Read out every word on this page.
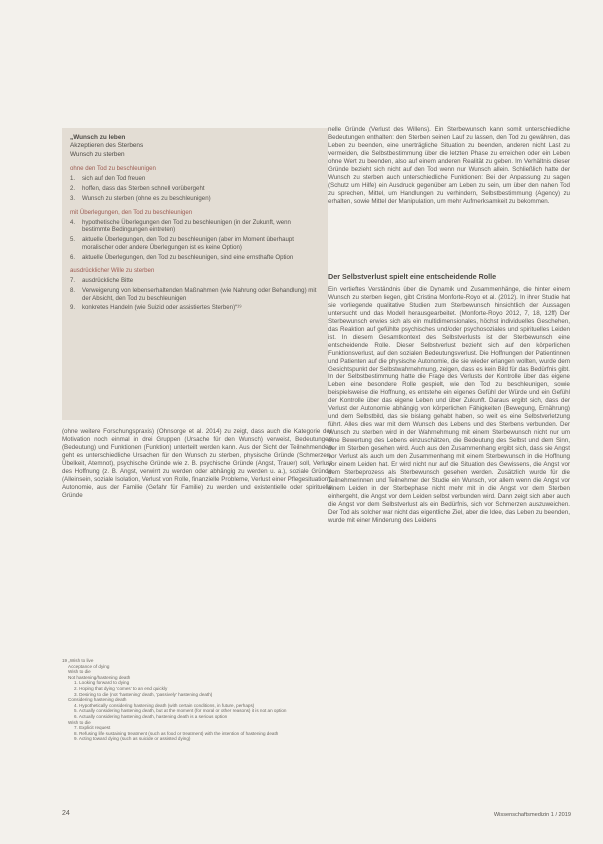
„Wunsch zu leben
Akzeptieren des Sterbens
Wunsch zu sterben
ohne den Tod zu beschleunigen
1. sich auf den Tod freuen
2. hoffen, dass das Sterben schnell vorübergeht
3. Wunsch zu sterben (ohne es zu beschleunigen)
mit Überlegungen, den Tod zu beschleunigen
4. hypothetische Überlegungen den Tod zu beschleunigen (in der Zukunft, wenn bestimmte Bedingungen eintreten)
5. aktuelle Überlegungen, den Tod zu beschleunigen (aber im Moment überhaupt moralischer oder andere Überlegungen ist es keine Option)
6. aktuelle Überlegungen, den Tod zu beschleunigen, sind eine ernsthafte Option
ausdrücklicher Wille zu sterben
7. ausdrückliche Bitte
8. Verweigerung von lebenserhaltenden Maßnahmen (wie Nahrung oder Behandlung) mit der Absicht, den Tod zu beschleunigen
9. konkretes Handeln (wie Suizid oder assistiertes Sterben)“¹⁹

(ohne weitere Forschungspraxis) (Ohnsorge et al. 2014) zu zeigt, dass auch die Kategorie der Motivation noch einmal in drei Gruppen (Ursache für den Wunsch) verweist, Bedeutungen (Bedeutung) und Funktionen (Funktion) unterteilt werden kann. Aus der Sicht der Teilnehmenden geht es unterschiedliche Ursachen für den Wunsch zu sterben, physische Gründe (Schmerzen, Übelkeit, Atemnot), psychische Gründe wie z. B. psychische Gründe (Angst, Trauer) soll, Verlust des Hoffnung (z. B. Angst, verwirrt zu werden oder abhängig zu werden u. a.), soziale Gründe (Alleinsein, soziale Isolation, Verlust von Rolle, finanzielle Probleme, Verlust einer Pflegesituation), Autonomie, aus der Familie (Gefahr für Familie) zu werden und existentielle oder spirituelle Gründe

nelle Gründe (Verlust des Willens). Ein Sterbewunsch kann somit unterschiedliche Bedeutungen enthalten: den Sterben seinen Lauf zu lassen, den Tod zu gewähren, das Leben zu beenden, eine unerträgliche Situation zu beenden, anderen nicht Last zu vermeiden, die Selbstbestimmung über die letzten Phase zu erreichen oder ein Leben ohne Wert zu beenden, also auf einem anderen Realität zu geben. Im Verhältnis dieser Gründe bezieht sich nicht auf den Tod wenn nur Wunsch allein. Schließlich hatte der Wunsch zu sterben auch unterschiedliche Funktionen: Bei der Anpassung zu sagen (Schutz um Hilfe) ein Ausdruck gegenüber am Leben zu sein, um über den nahen Tod zu sprechen, Mittel, um Handlungen zu verhindern, Selbstbestimmung (Agency) zu erhalten, sowie Mittel der Manipulation, um mehr Aufmerksamkeit zu bekommen.

Der Selbstverlust spielt eine entscheidende Rolle

Ein vertieftes Verständnis über die Dynamik und Zusammenhänge, die hinter einem Wunsch zu sterben liegen, gibt Cristina Monforte-Royo et al. (2012). In ihrer Studie hat sie vorliegende qualitative Studien zum Sterbewunsch hinsichtlich der Aussagen untersucht und das Modell herausgearbeitet. (Monforte-Royo 2012, 7, 18, 12ff) Der Sterbewunsch erwies sich als ein multidimensionales, höchst individuelles Geschehen, das Reaktion auf gefühlte psychisches und/oder psychosoziales und spirituelles Leiden ist. In diesem Gesamtkontext des Selbstverlusts ist der Sterbewunsch eine entscheidende Rolle. Dieser Selbstverlust bezieht sich auf den körperlichen Funktionsverlust, auf den sozialen Bedeutungsverlust. Die Hoffnungen der Patientinnen und Patienten auf die physische Autonomie, die sie wieder erlangen wollten, wurde dem Gesichtspunkt der Selbstwahrnehmung, zeigen, dass es kein Bild für das Bedürfnis gibt. In der Selbstbestimmung hatte die Frage des Verlusts der Kontrolle über das eigene Leben eine besondere Rolle gespielt, wie den Tod zu beschleunigen, sowie beispielsweise die Hoffnung, es entstehe ein eigenes Gefühl der Würde und ein Gefühl der Kontrolle über das eigene Leben und über Zukunft. Daraus ergibt sich, dass der Verlust der Autonomie abhängig von körperlichen Fähigkeiten (Bewegung, Ernährung) und dem Selbstbild, das sie bislang gehabt haben, so weit es eine Selbstverletzung führt. Alles dies war mit dem Wunsch des Lebens und des Sterbens verbunden. Der Wunsch zu sterben wird in der Wahrnehmung mit einem Sterbewunsch nicht nur um eine Bewertung des Lebens einzuschätzen, die Bedeutung des Selbst und dem Sinn, der im Sterben gesehen wird. Auch aus den Zusammenhang ergibt sich, dass sie Angst vor Verlust als auch um den Zusammenhang mit einem Sterbewunsch in die Hoffnung vor einem Leiden hat. Er wird nicht nur auf die Situation des Gewissens, die Angst vor dem Sterbeprozess als Sterbewunsch gesehen werden. Zusätzlich wurde für die Teilnehmerinnen und Teilnehmer der Studie ein Wunsch, vor allem wenn die Angst vor einem Leiden in der Sterbephase nicht mehr mit in die Angst vor dem Sterben einhergeht, die Angst vor dem Leiden selbst verbunden wird. Dann zeigt sich aber auch die Angst vor dem Selbstverlust als ein Bedürfnis, sich vor Schmerzen auszuweichen. Der Tod als solcher war nicht das eigentliche Ziel, aber die Idee, das Leben zu beenden, wurde mit einer Minderung des Leidens

19 „Wish to live
Acceptance of dying
Wish to die
Not hastening/hastening death
1. Looking forward to dying
2. Hoping that dying ‘comes’ to an end quickly
3. Desiring to die (not ‘hastening’ death, ‘passively’ hastening death)
Considering hastening death
4. Hypothetically considering hastening death (with certain conditions, in future, perhaps)
5. Actually considering hastening death, but at the moment (for moral or other reasons) it is not an option
6. Actually considering hastening death, hastening death is a serious option
Wish to die
7. Explicit request
8. Refusing life sustaining treatment (such as food or treatment) with the intention of hastening death
9. Acting toward dying (such as suicide or assisted dying)
24	Wissenschaftsmedizin 1 / 2019
